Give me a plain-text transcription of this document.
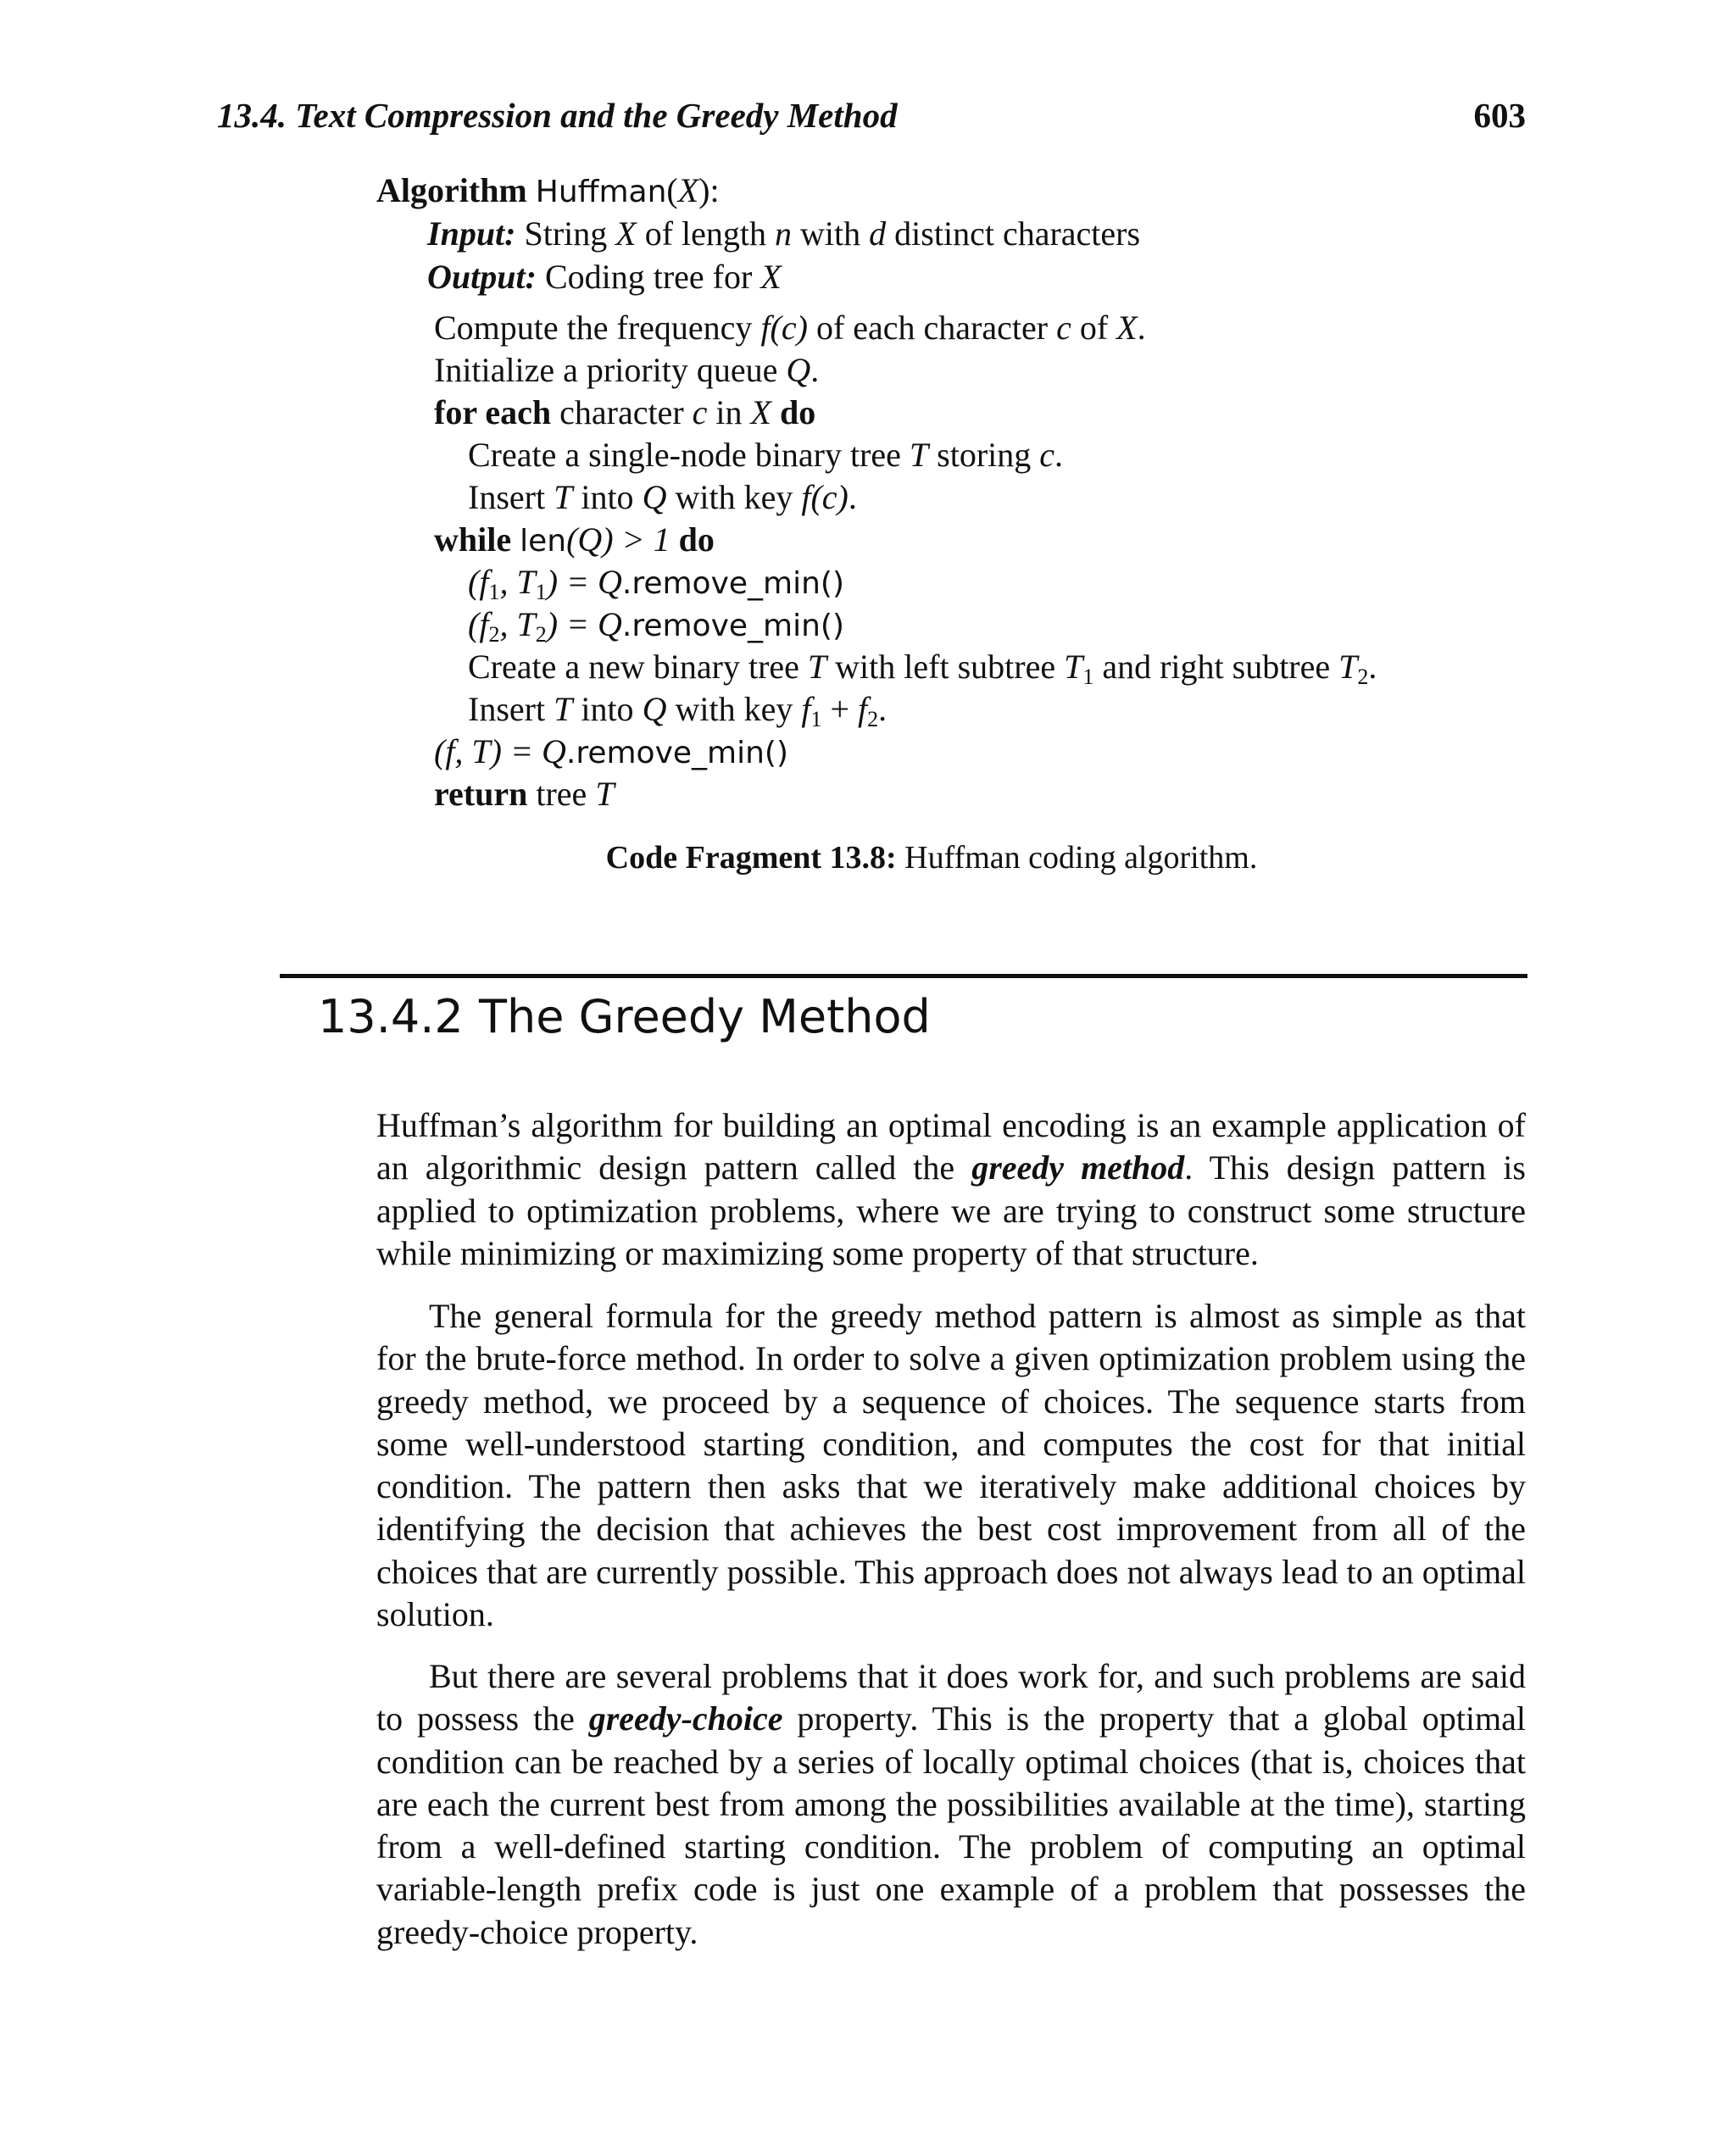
13.4. Text Compression and the Greedy Method	603
Algorithm Huffman(X):
Input: String X of length n with d distinct characters
Output: Coding tree for X
Compute the frequency f(c) of each character c of X.
Initialize a priority queue Q.
for each character c in X do
Create a single-node binary tree T storing c.
Insert T into Q with key f(c).
while len(Q) > 1 do
($f_1$, $T_1$) = Q.remove_min()
($f_2$, $T_2$) = Q.remove_min()
Create a new binary tree T with left subtree $T_1$ and right subtree $T_2$.
Insert T into Q with key $f_1 + f_2$.
(f, T) = Q.remove_min()
return tree T
Code Fragment 13.8: Huffman coding algorithm.
13.4.2 The Greedy Method
Huffman’s algorithm for building an optimal encoding is an example application of an algorithmic design pattern called the greedy method. This design pattern is applied to optimization problems, where we are trying to construct some structure while minimizing or maximizing some property of that structure.
The general formula for the greedy method pattern is almost as simple as that for the brute-force method. In order to solve a given optimization problem using the greedy method, we proceed by a sequence of choices. The sequence starts from some well-understood starting condition, and computes the cost for that initial condition. The pattern then asks that we iteratively make additional choices by identifying the decision that achieves the best cost improvement from all of the choices that are currently possible. This approach does not always lead to an optimal solution.
But there are several problems that it does work for, and such problems are said to possess the greedy-choice property. This is the property that a global optimal condition can be reached by a series of locally optimal choices (that is, choices that are each the current best from among the possibilities available at the time), starting from a well-defined starting condition. The problem of computing an optimal variable-length prefix code is just one example of a problem that possesses the greedy-choice property.
